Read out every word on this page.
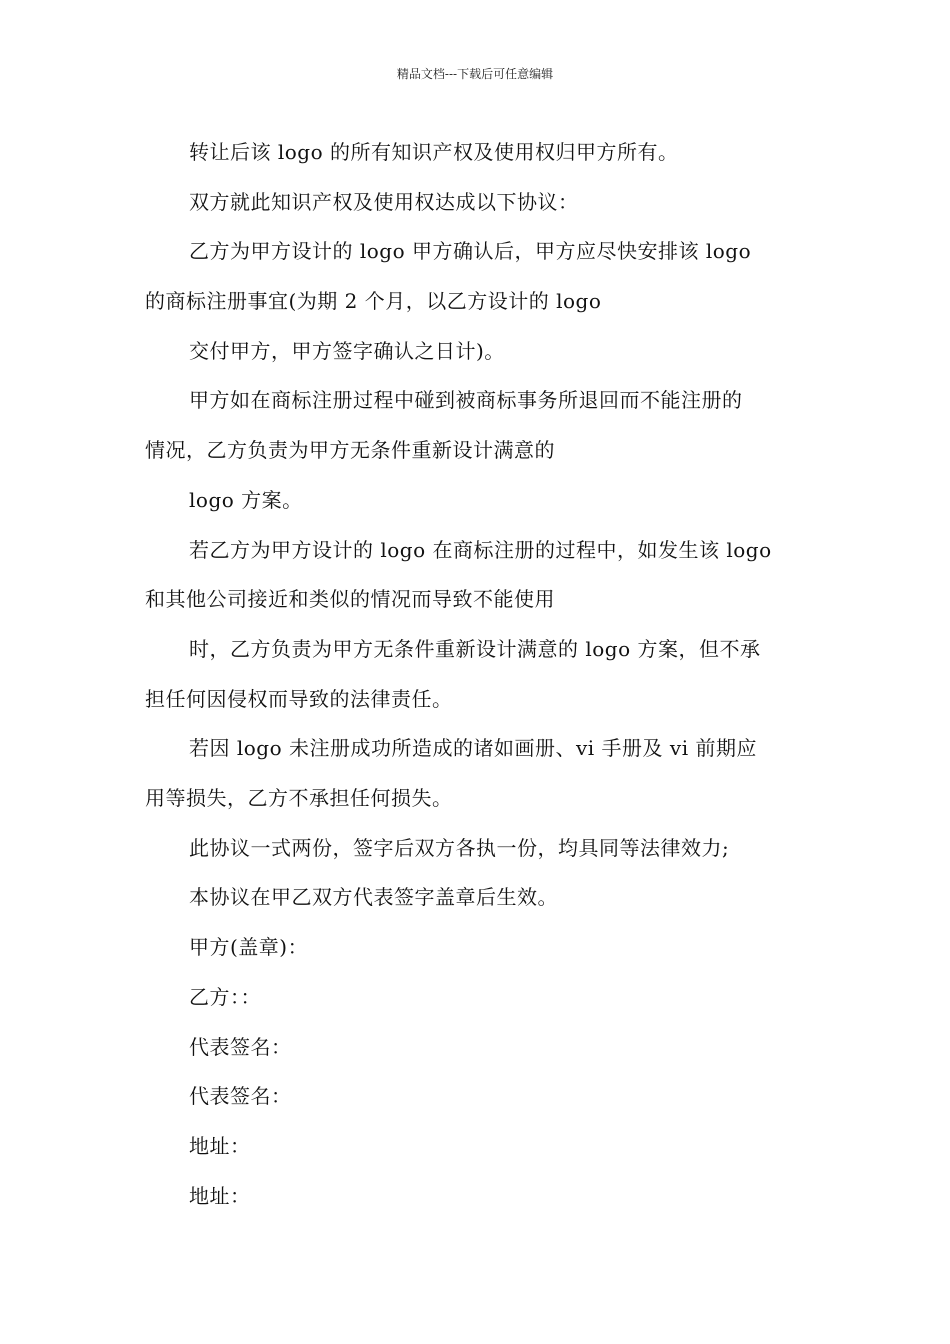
精品文档---下载后可任意编辑
转让后该 logo 的所有知识产权及使用权归甲方所有。
双方就此知识产权及使用权达成以下协议：
乙方为甲方设计的 logo 甲方确认后，甲方应尽快安排该 logo
的商标注册事宜(为期 2 个月，以乙方设计的 logo
交付甲方，甲方签字确认之日计)。
甲方如在商标注册过程中碰到被商标事务所退回而不能注册的
情况，乙方负责为甲方无条件重新设计满意的
logo 方案。
若乙方为甲方设计的 logo 在商标注册的过程中，如发生该 logo
和其他公司接近和类似的情况而导致不能使用
时，乙方负责为甲方无条件重新设计满意的 logo 方案，但不承
担任何因侵权而导致的法律责任。
若因 logo 未注册成功所造成的诸如画册、vi 手册及 vi 前期应
用等损失，乙方不承担任何损失。
此协议一式两份，签字后双方各执一份，均具同等法律效力;
本协议在甲乙双方代表签字盖章后生效。
甲方(盖章)：
乙方：：
代表签名：
代表签名：
地址：
地址：
